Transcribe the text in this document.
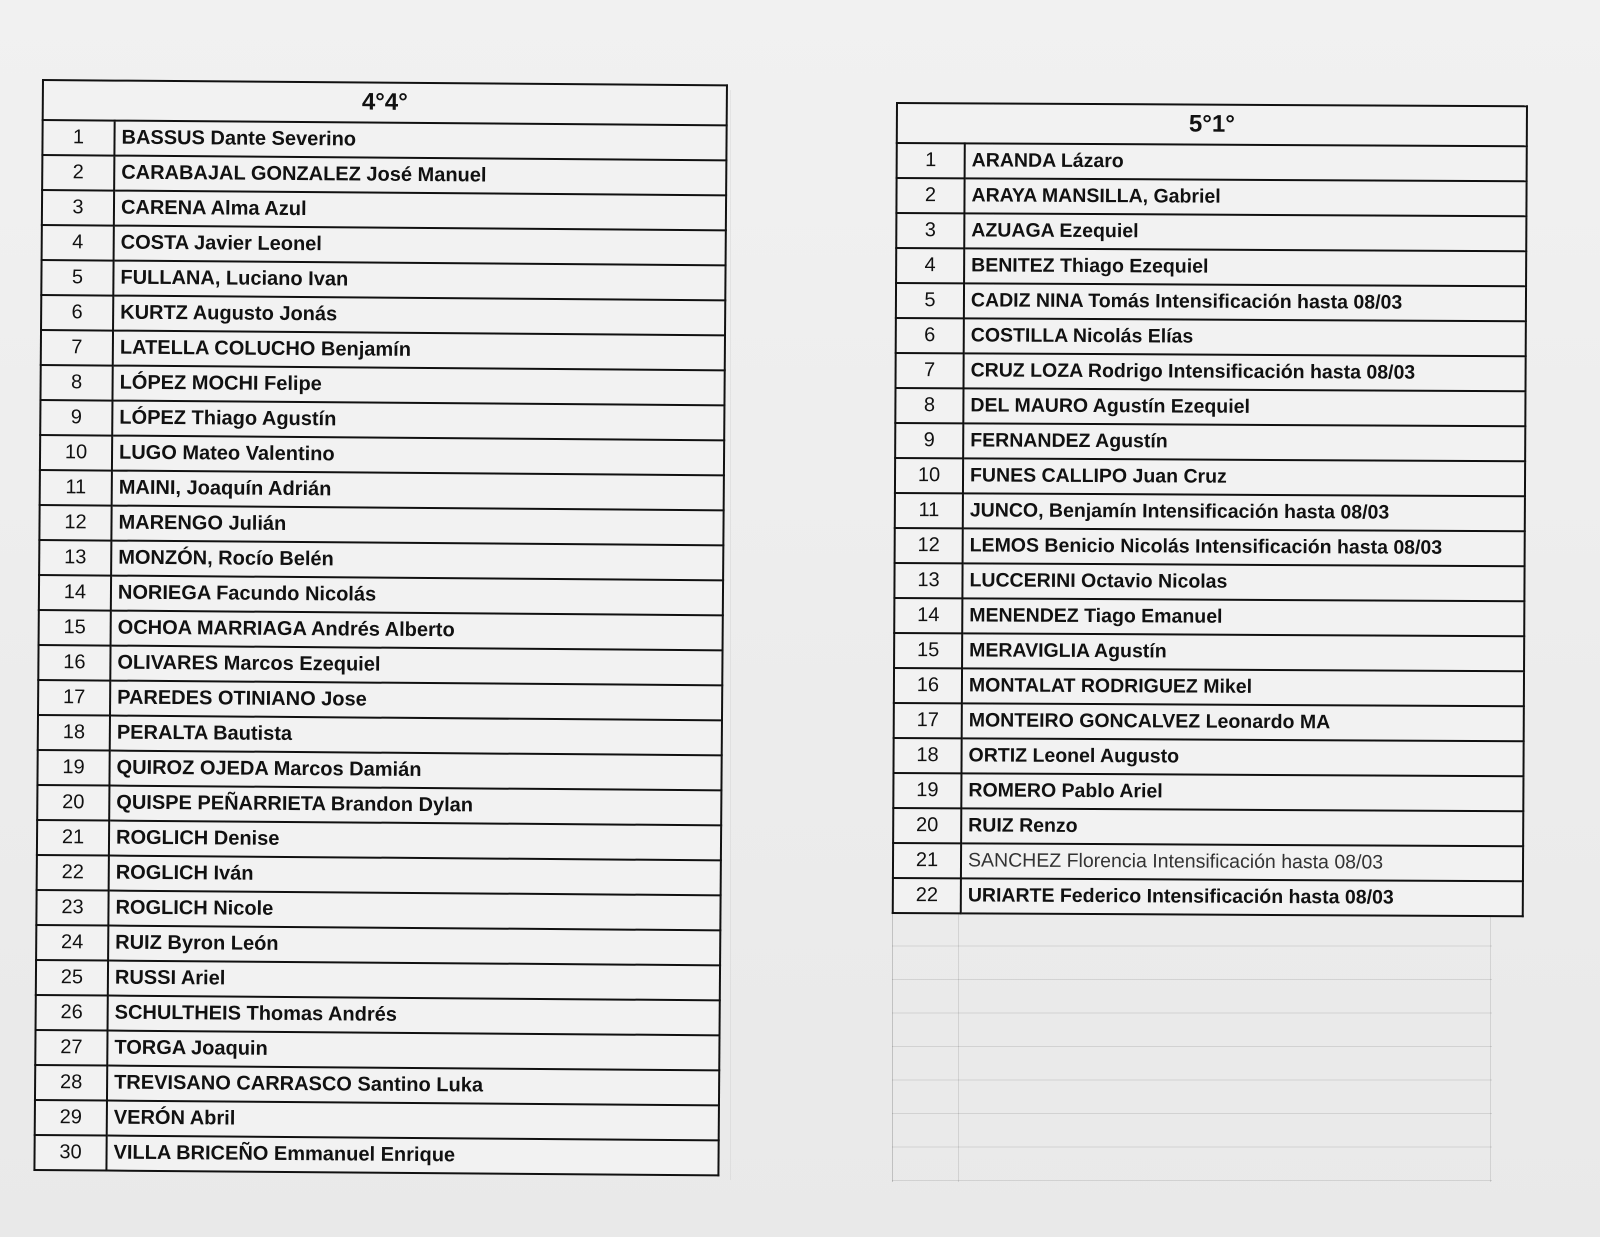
4°4°	
1	BASSUS Dante Severino
2	CARABAJAL GONZALEZ José Manuel
3	CARENA Alma Azul
4	COSTA Javier Leonel
5	FULLANA, Luciano Ivan
6	KURTZ Augusto Jonás
7	LATELLA COLUCHO Benjamín
8	LÓPEZ MOCHI Felipe
9	LÓPEZ Thiago Agustín
10	LUGO Mateo Valentino
11	MAINI, Joaquín Adrián
12	MARENGO Julián
13	MONZÓN, Rocío Belén
14	NORIEGA Facundo Nicolás
15	OCHOA MARRIAGA Andrés Alberto
16	OLIVARES Marcos Ezequiel
17	PAREDES OTINIANO Jose
18	PERALTA Bautista
19	QUIROZ OJEDA Marcos Damián
20	QUISPE PEÑARRIETA Brandon Dylan
21	ROGLICH Denise
22	ROGLICH Iván
23	ROGLICH Nicole
24	RUIZ Byron León
25	RUSSI Ariel
26	SCHULTHEIS Thomas Andrés
27	TORGA Joaquin
28	TREVISANO CARRASCO Santino Luka
29	VERÓN Abril
30	VILLA BRICEÑO Emmanuel Enrique
5°1°	
1	ARANDA Lázaro
2	ARAYA MANSILLA, Gabriel
3	AZUAGA Ezequiel
4	BENITEZ Thiago Ezequiel
5	CADIZ NINA Tomás Intensificación hasta 08/03
6	COSTILLA Nicolás Elías
7	CRUZ LOZA Rodrigo Intensificación hasta 08/03
8	DEL MAURO Agustín Ezequiel
9	FERNANDEZ Agustín
10	FUNES CALLIPO Juan Cruz
11	JUNCO, Benjamín Intensificación hasta 08/03
12	LEMOS Benicio Nicolás Intensificación hasta 08/03
13	LUCCERINI Octavio Nicolas
14	MENENDEZ Tiago Emanuel
15	MERAVIGLIA Agustín
16	MONTALAT RODRIGUEZ Mikel
17	MONTEIRO GONCALVEZ Leonardo MA
18	ORTIZ Leonel Augusto
19	ROMERO Pablo Ariel
20	RUIZ Renzo
21	SANCHEZ Florencia Intensificación hasta 08/03
22	URIARTE Federico Intensificación hasta 08/03
